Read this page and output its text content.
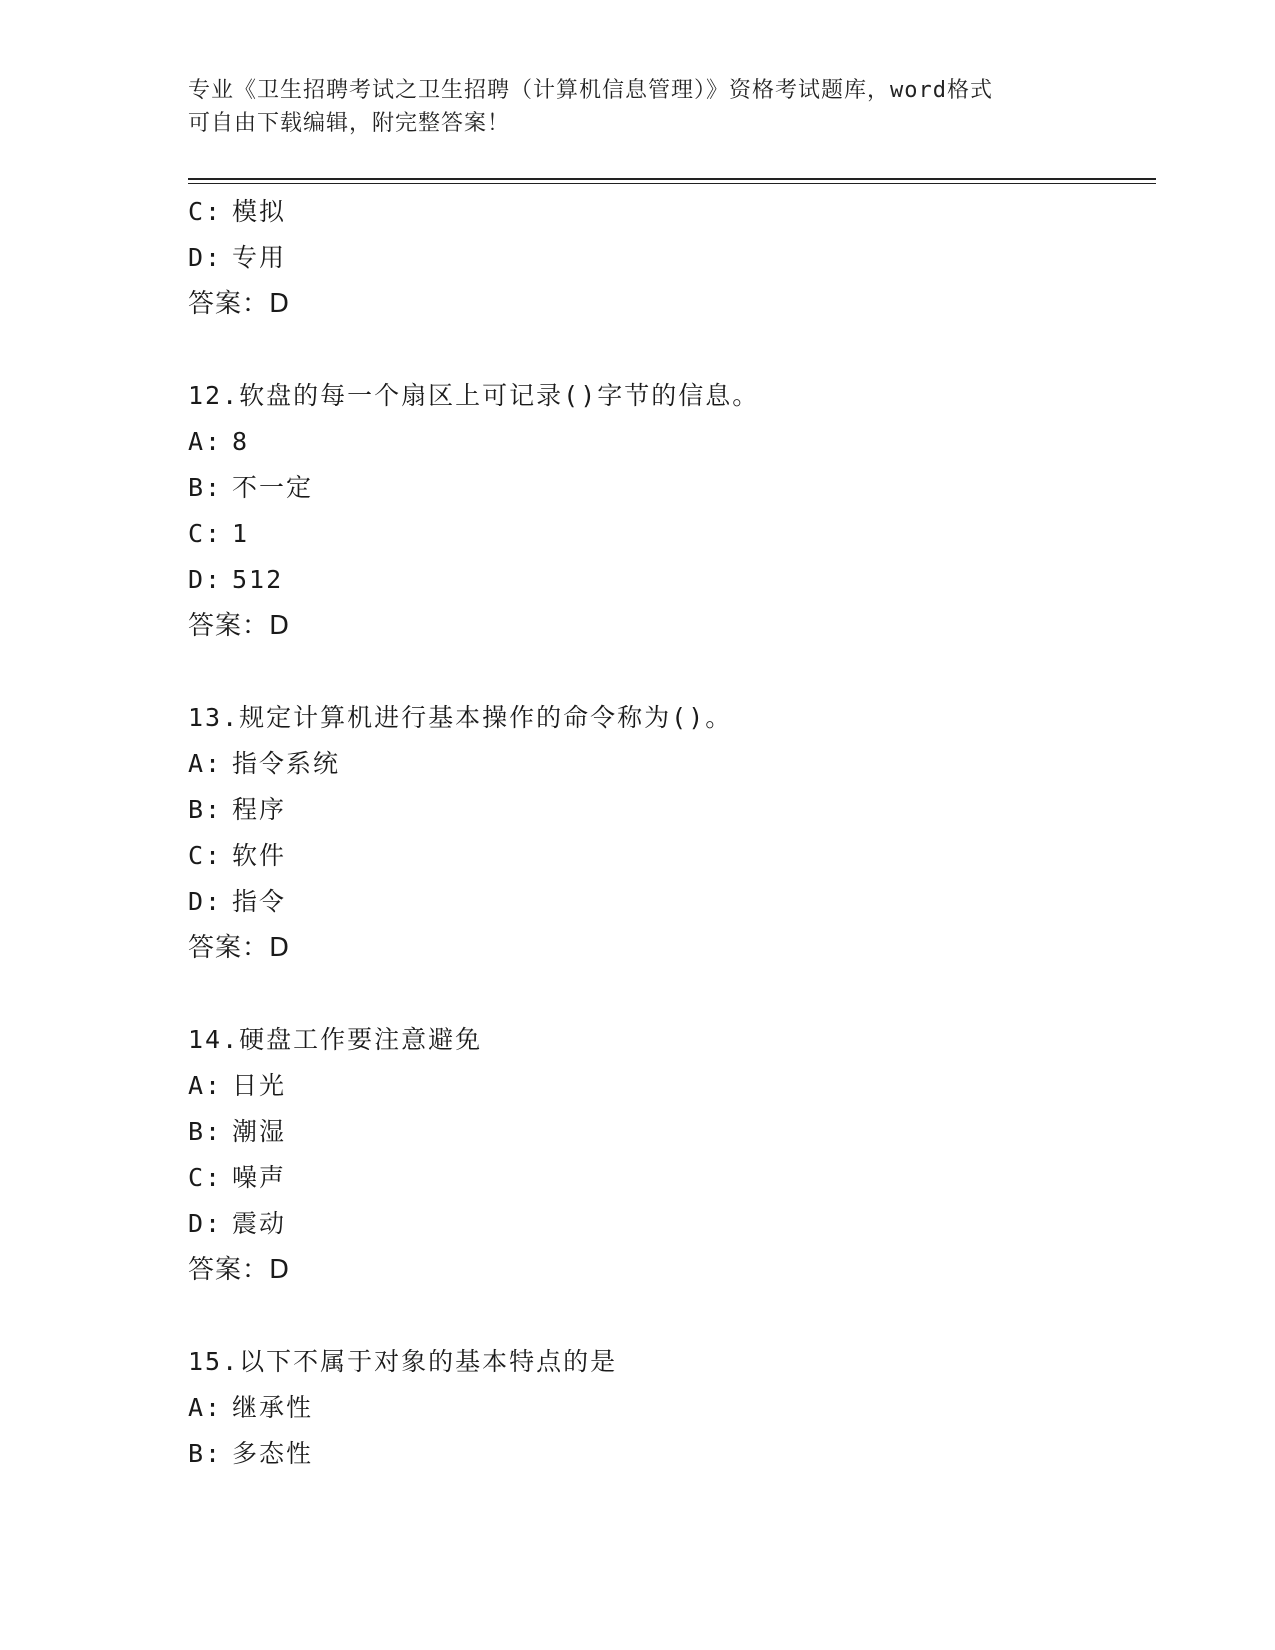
专业《卫生招聘考试之卫生招聘（计算机信息管理）》资格考试题库，word格式
可自由下载编辑，附完整答案！
C: 模拟
D: 专用
答案：D
12.软盘的每一个扇区上可记录()字节的信息。
A: 8
B: 不一定
C: 1
D: 512
答案：D
13.规定计算机进行基本操作的命令称为()。
A: 指令系统
B: 程序
C: 软件
D: 指令
答案：D
14.硬盘工作要注意避免
A: 日光
B: 潮湿
C: 噪声
D: 震动
答案：D
15.以下不属于对象的基本特点的是
A: 继承性
B: 多态性
